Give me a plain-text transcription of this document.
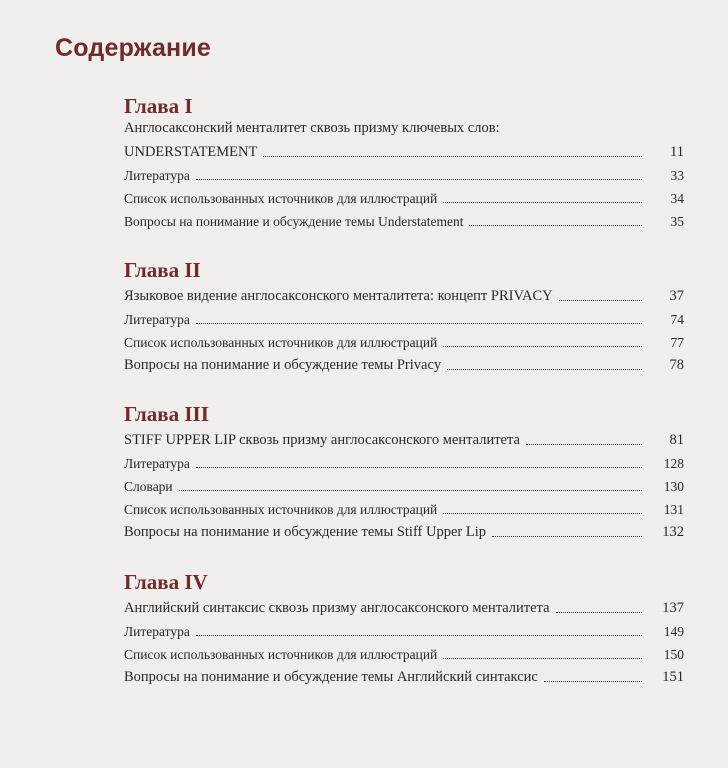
Содержание
Глава I
Англосаксонский менталитет сквозь призму ключевых слов:
UNDERSTATEMENT	11
Литература	33
Список использованных источников для иллюстраций	34
Вопросы на понимание и обсуждение темы Understatement	35
Глава II
Языковое видение англосаксонского менталитета: концепт PRIVACY	37
Литература	74
Список использованных источников для иллюстраций	77
Вопросы на понимание и обсуждение темы Privacy	78
Глава III
STIFF UPPER LIP сквозь призму англосаксонского менталитета	81
Литература	128
Словари	130
Список использованных источников для иллюстраций	131
Вопросы на понимание и обсуждение темы Stiff Upper Lip	132
Глава IV
Английский синтаксис сквозь призму англосаксонского менталитета	137
Литература	149
Список использованных источников для иллюстраций	150
Вопросы на понимание и обсуждение темы Английский синтаксис	151
